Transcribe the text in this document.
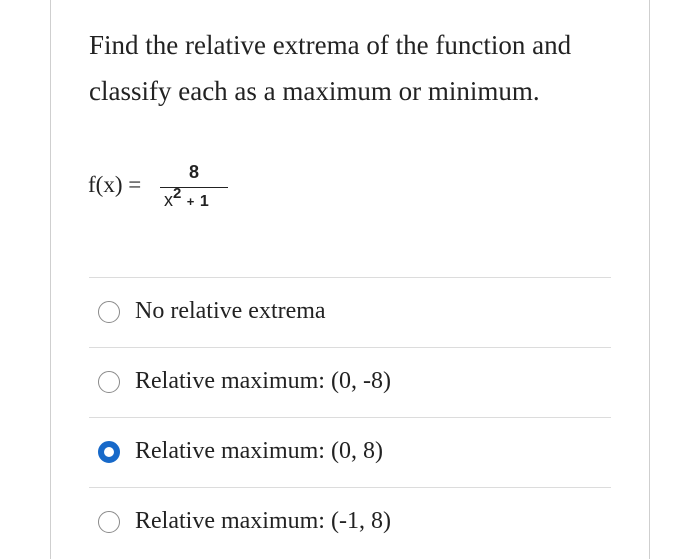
Find the relative extrema of the function and
classify each as a maximum or minimum.

f(x) =	8
$x^2 + 1$
No relative extrema
Relative maximum: (0, -8)
Relative maximum: (0, 8)
Relative maximum: (-1, 8)
